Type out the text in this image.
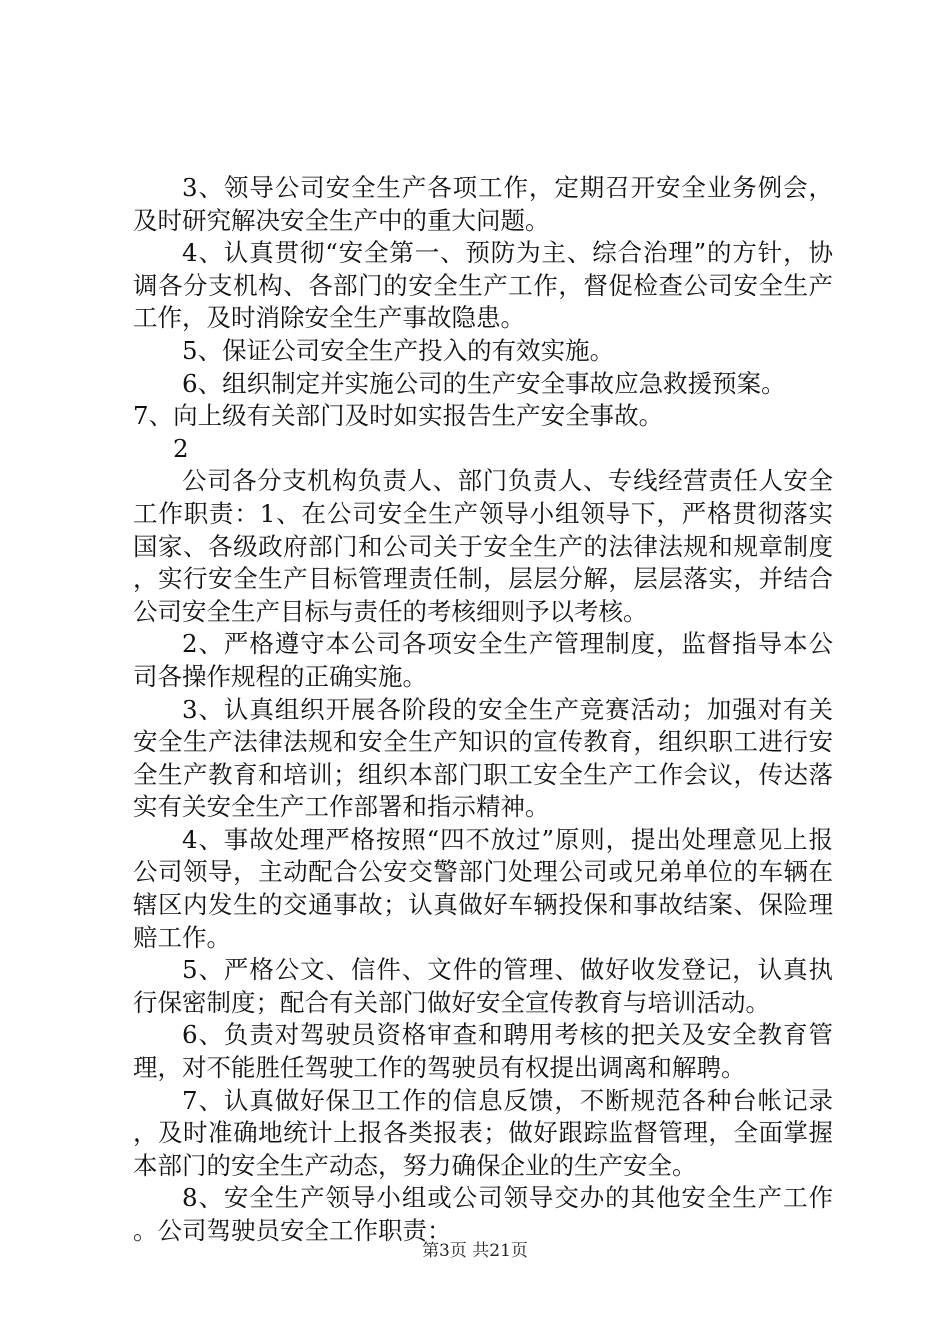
3、领导公司安全生产各项工作，定期召开安全业务例会，及时研究解决安全生产中的重大问题。

4、认真贯彻“安全第一、预防为主、综合治理”的方针，协调各分支机构、各部门的安全生产工作，督促检查公司安全生产工作，及时消除安全生产事故隐患。

5、保证公司安全生产投入的有效实施。

6、组织制定并实施公司的生产安全事故应急救援预案。

7、向上级有关部门及时如实报告生产安全事故。

2

公司各分支机构负责人、部门负责人、专线经营责任人安全工作职责：1、在公司安全生产领导小组领导下，严格贯彻落实国家、各级政府部门和公司关于安全生产的法律法规和规章制度，实行安全生产目标管理责任制，层层分解，层层落实，并结合公司安全生产目标与责任的考核细则予以考核。

2、严格遵守本公司各项安全生产管理制度，监督指导本公司各操作规程的正确实施。

3、认真组织开展各阶段的安全生产竞赛活动；加强对有关安全生产法律法规和安全生产知识的宣传教育，组织职工进行安全生产教育和培训；组织本部门职工安全生产工作会议，传达落实有关安全生产工作部署和指示精神。

4、事故处理严格按照“四不放过”原则，提出处理意见上报公司领导，主动配合公安交警部门处理公司或兄弟单位的车辆在辖区内发生的交通事故；认真做好车辆投保和事故结案、保险理赔工作。

5、严格公文、信件、文件的管理、做好收发登记，认真执行保密制度；配合有关部门做好安全宣传教育与培训活动。

6、负责对驾驶员资格审查和聘用考核的把关及安全教育管理，对不能胜任驾驶工作的驾驶员有权提出调离和解聘。

7、认真做好保卫工作的信息反馈，不断规范各种台帐记录，及时准确地统计上报各类报表；做好跟踪监督管理，全面掌握本部门的安全生产动态，努力确保企业的生产安全。

8、安全生产领导小组或公司领导交办的其他安全生产工作。公司驾驶员安全工作职责：

第3页 共21页
